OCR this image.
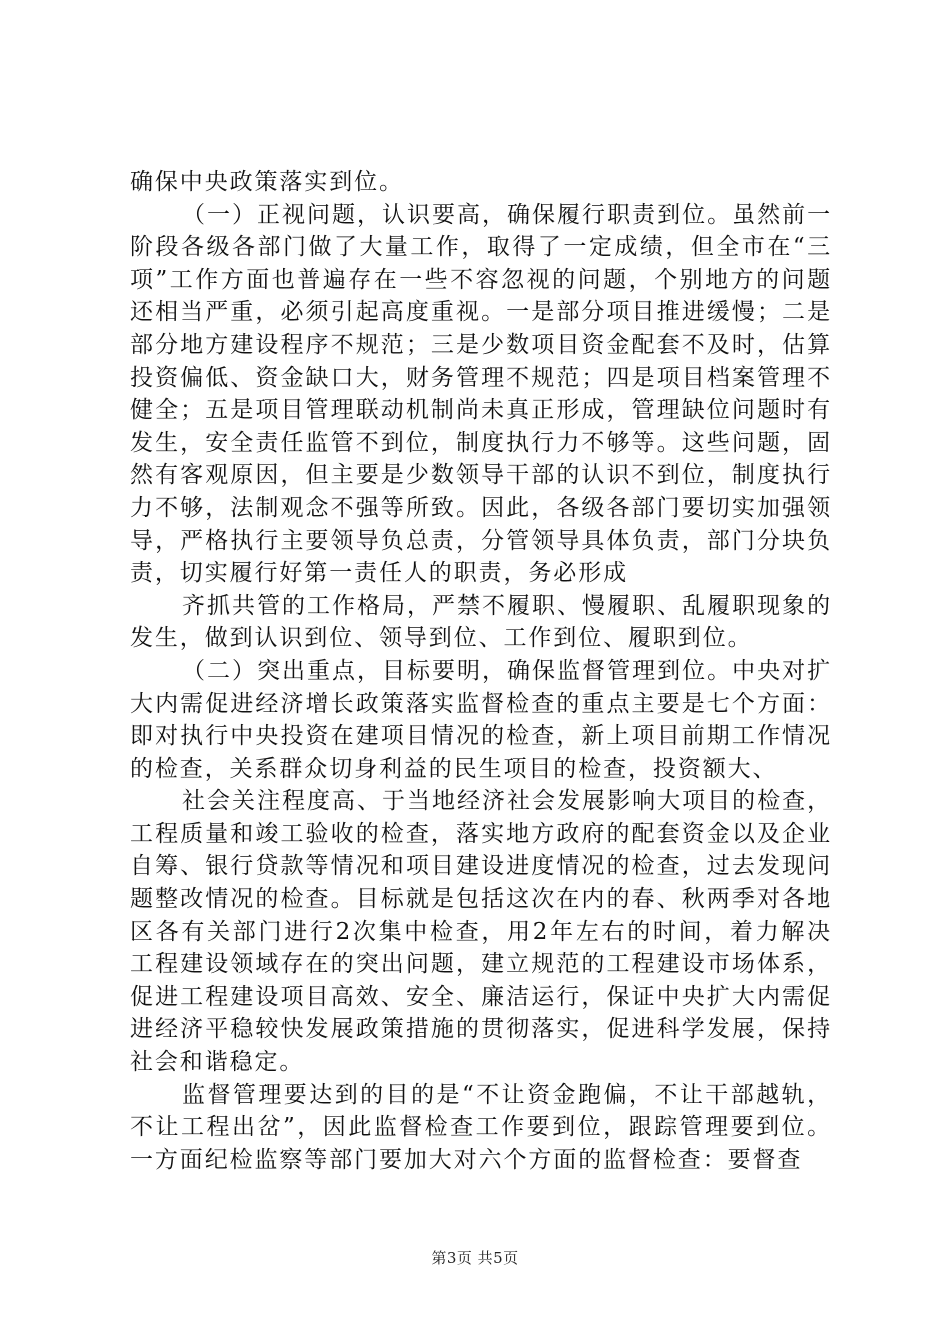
确保中央政策落实到位。

（一）正视问题，认识要高，确保履行职责到位。虽然前一阶段各级各部门做了大量工作，取得了一定成绩，但全市在“三项”工作方面也普遍存在一些不容忽视的问题，个别地方的问题还相当严重，必须引起高度重视。一是部分项目推进缓慢；二是部分地方建设程序不规范；三是少数项目资金配套不及时，估算投资偏低、资金缺口大，财务管理不规范；四是项目档案管理不健全；五是项目管理联动机制尚未真正形成，管理缺位问题时有发生，安全责任监管不到位，制度执行力不够等。这些问题，固然有客观原因，但主要是少数领导干部的认识不到位，制度执行力不够，法制观念不强等所致。因此，各级各部门要切实加强领导，严格执行主要领导负总责，分管领导具体负责，部门分块负责，切实履行好第一责任人的职责，务必形成

齐抓共管的工作格局，严禁不履职、慢履职、乱履职现象的发生，做到认识到位、领导到位、工作到位、履职到位。

（二）突出重点，目标要明，确保监督管理到位。中央对扩大内需促进经济增长政策落实监督检查的重点主要是七个方面：即对执行中央投资在建项目情况的检查，新上项目前期工作情况的检查，关系群众切身利益的民生项目的检查，投资额大、

社会关注程度高、于当地经济社会发展影响大项目的检查，工程质量和竣工验收的检查，落实地方政府的配套资金以及企业自筹、银行贷款等情况和项目建设进度情况的检查，过去发现问题整改情况的检查。目标就是包括这次在内的春、秋两季对各地区各有关部门进行2次集中检查，用2年左右的时间，着力解决工程建设领域存在的突出问题，建立规范的工程建设市场体系，促进工程建设项目高效、安全、廉洁运行，保证中央扩大内需促进经济平稳较快发展政策措施的贯彻落实，促进科学发展，保持社会和谐稳定。

监督管理要达到的目的是“不让资金跑偏，不让干部越轨，不让工程出岔”，因此监督检查工作要到位，跟踪管理要到位。一方面纪检监察等部门要加大对六个方面的监督检查：要督查

第3页 共5页
